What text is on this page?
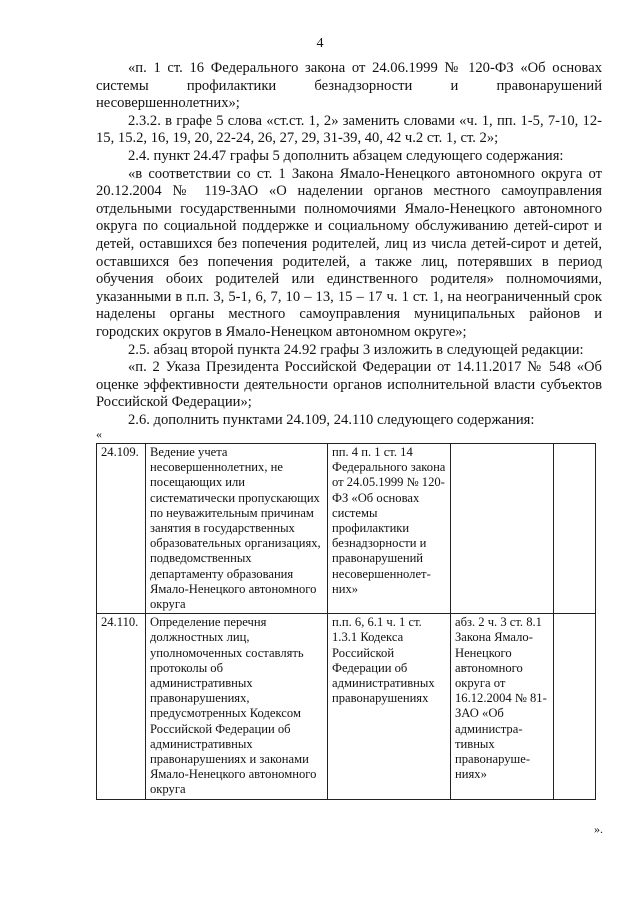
4

«п. 1 ст. 16 Федерального закона от 24.06.1999 № 120-ФЗ «Об основах системы профилактики безнадзорности и правонарушений несовершеннолетних»;

2.3.2. в графе 5 слова «ст.ст. 1, 2» заменить словами «ч. 1, пп. 1-5, 7-10, 12-15, 15.2, 16, 19, 20, 22-24, 26, 27, 29, 31-39, 40, 42 ч.2 ст. 1, ст. 2»;

2.4. пункт 24.47 графы 5 дополнить абзацем следующего содержания:

«в соответствии со ст. 1 Закона Ямало-Ненецкого автономного округа от 20.12.2004 № 119-ЗАО «О наделении органов местного самоуправления отдельными государственными полномочиями Ямало-Ненецкого автономного округа по социальной поддержке и социальному обслуживанию детей-сирот и детей, оставшихся без попечения родителей, лиц из числа детей-сирот и детей, оставшихся без попечения родителей, а также лиц, потерявших в период обучения обоих родителей или единственного родителя» полномочиями, указанными в п.п. 3, 5-1, 6, 7, 10 – 13, 15 – 17 ч. 1 ст. 1, на неограниченный срок наделены органы местного самоуправления муниципальных районов и городских округов в Ямало-Ненецком автономном округе»;

2.5. абзац второй пункта 24.92 графы 3 изложить в следующей редакции:

«п. 2 Указа Президента Российской Федерации от 14.11.2017 № 548 «Об оценке эффективности деятельности органов исполнительной власти субъектов Российской Федерации»;

2.6. дополнить пунктами 24.109, 24.110 следующего содержания:

«
24.109.	Ведение учета несовершеннолетних, не посещающих или систематически пропускающих по неуважительным причинам занятия в государственных образовательных организациях, подведомственных департаменту образования Ямало-Ненецкого автономного округа	пп. 4 п. 1 ст. 14 Федерального закона от 24.05.1999 № 120-ФЗ «Об основах системы профилактики безнадзорности и правонарушений несовершеннолет-них»		
24.110.	Определение перечня должностных лиц, уполномоченных составлять протоколы об административных правонарушениях, предусмотренных Кодексом Российской Федерации об административных правонарушениях и законами Ямало-Ненецкого автономного округа	п.п. 6, 6.1 ч. 1 ст. 1.3.1 Кодекса Российской Федерации об административных правонарушениях	абз. 2 ч. 3 ст. 8.1 Закона Ямало-Ненецкого автономного округа от 16.12.2004 № 81-ЗАО «Об администра-тивных правонаруше-ниях»	
».
